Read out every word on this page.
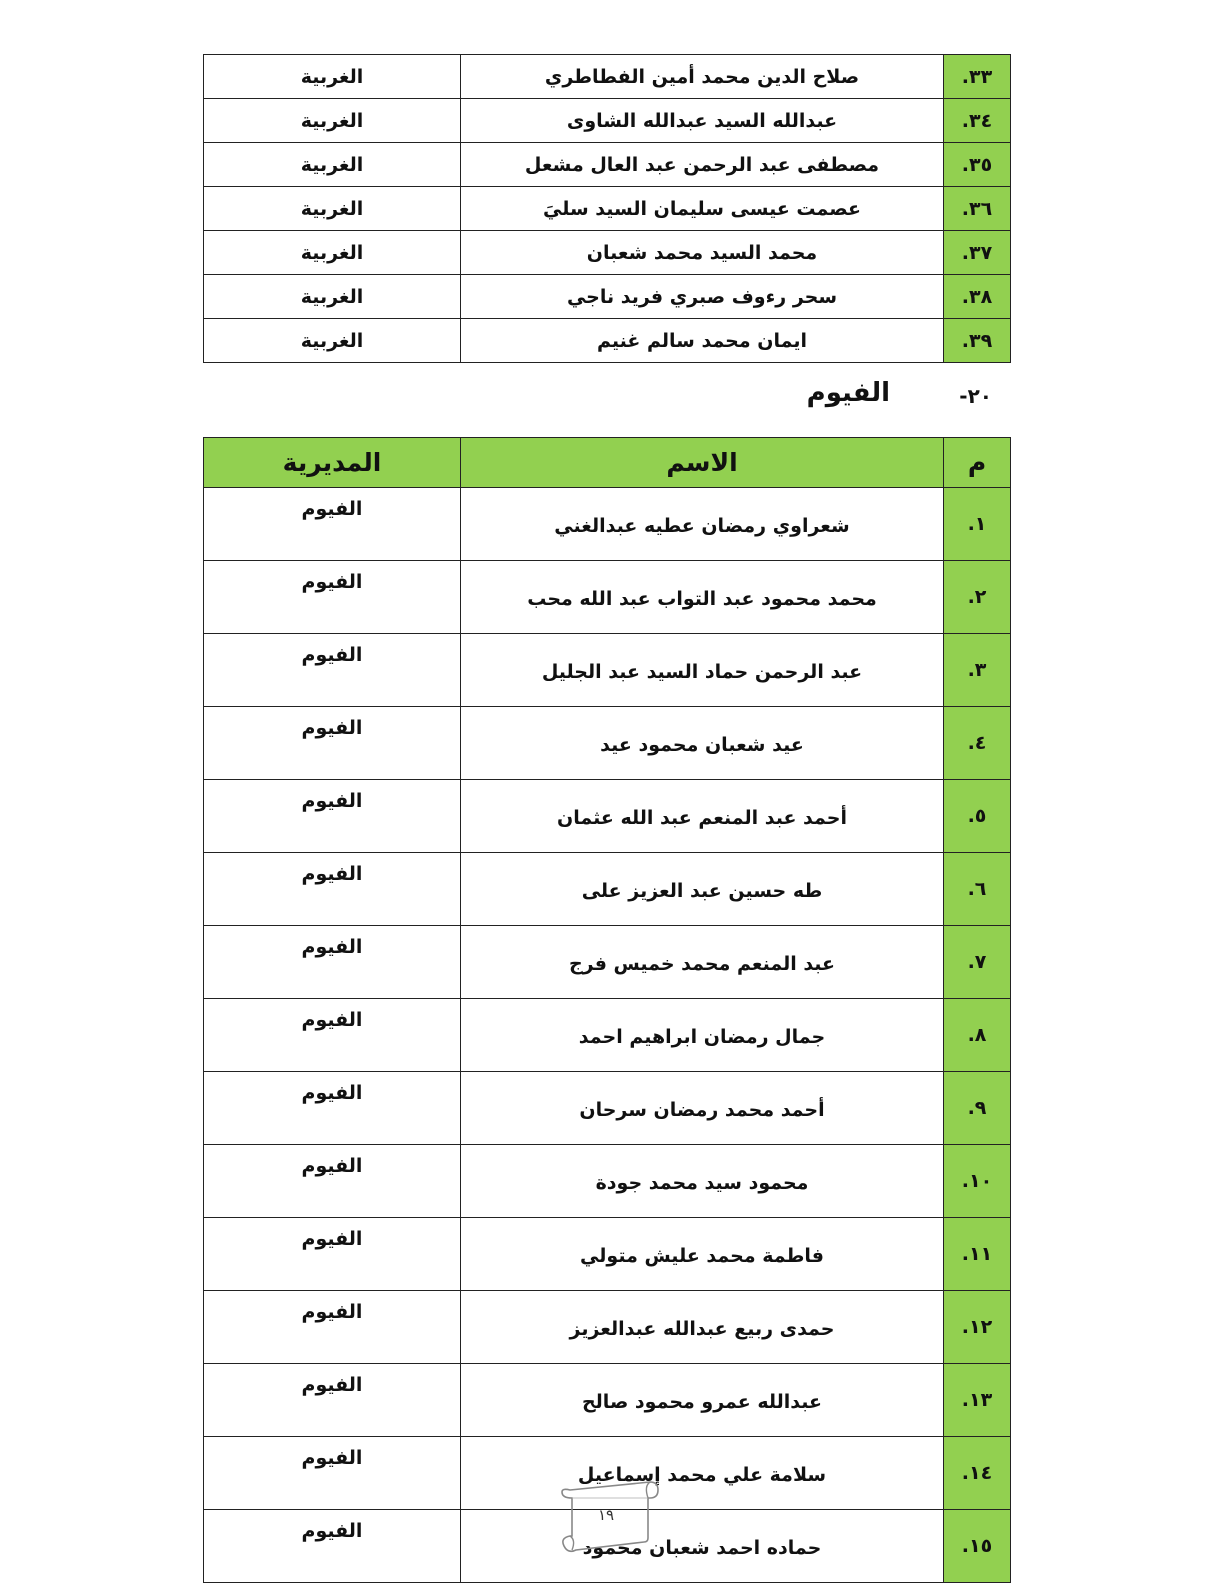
٣٣.	صلاح الدين محمد أمين الفطاطري	الغربية
٣٤.	عبدالله السيد عبدالله الشاوى	الغربية
٣٥.	مصطفى عبد الرحمن عبد العال مشعل	الغربية
٣٦.	عصمت عيسى سليمان السيد سليَ	الغربية
٣٧.	محمد السيد محمد شعبان	الغربية
٣٨.	سحر رءوف صبري فريد ناجي	الغربية
٣٩.	ايمان محمد سالم غنيم	الغربية
٢٠-
الفيوم
م	الاسم	المديرية
١.	شعراوي رمضان عطيه عبدالغني	الفيوم
٢.	محمد محمود عبد التواب عبد الله محب	الفيوم
٣.	عبد الرحمن حماد السيد عبد الجليل	الفيوم
٤.	عيد شعبان محمود عيد	الفيوم
٥.	أحمد عبد المنعم عبد الله عثمان	الفيوم
٦.	طه حسين عبد العزيز على	الفيوم
٧.	عبد المنعم محمد خميس فرج	الفيوم
٨.	جمال رمضان ابراهيم احمد	الفيوم
٩.	أحمد محمد رمضان سرحان	الفيوم
١٠.	محمود سيد محمد جودة	الفيوم
١١.	فاطمة محمد عليش متولي	الفيوم
١٢.	حمدى ربيع عبدالله عبدالعزيز	الفيوم
١٣.	عبدالله عمرو محمود صالح	الفيوم
١٤.	سلامة علي محمد إسماعيل	الفيوم
١٥.	حماده احمد شعبان محمود	الفيوم
١٩
